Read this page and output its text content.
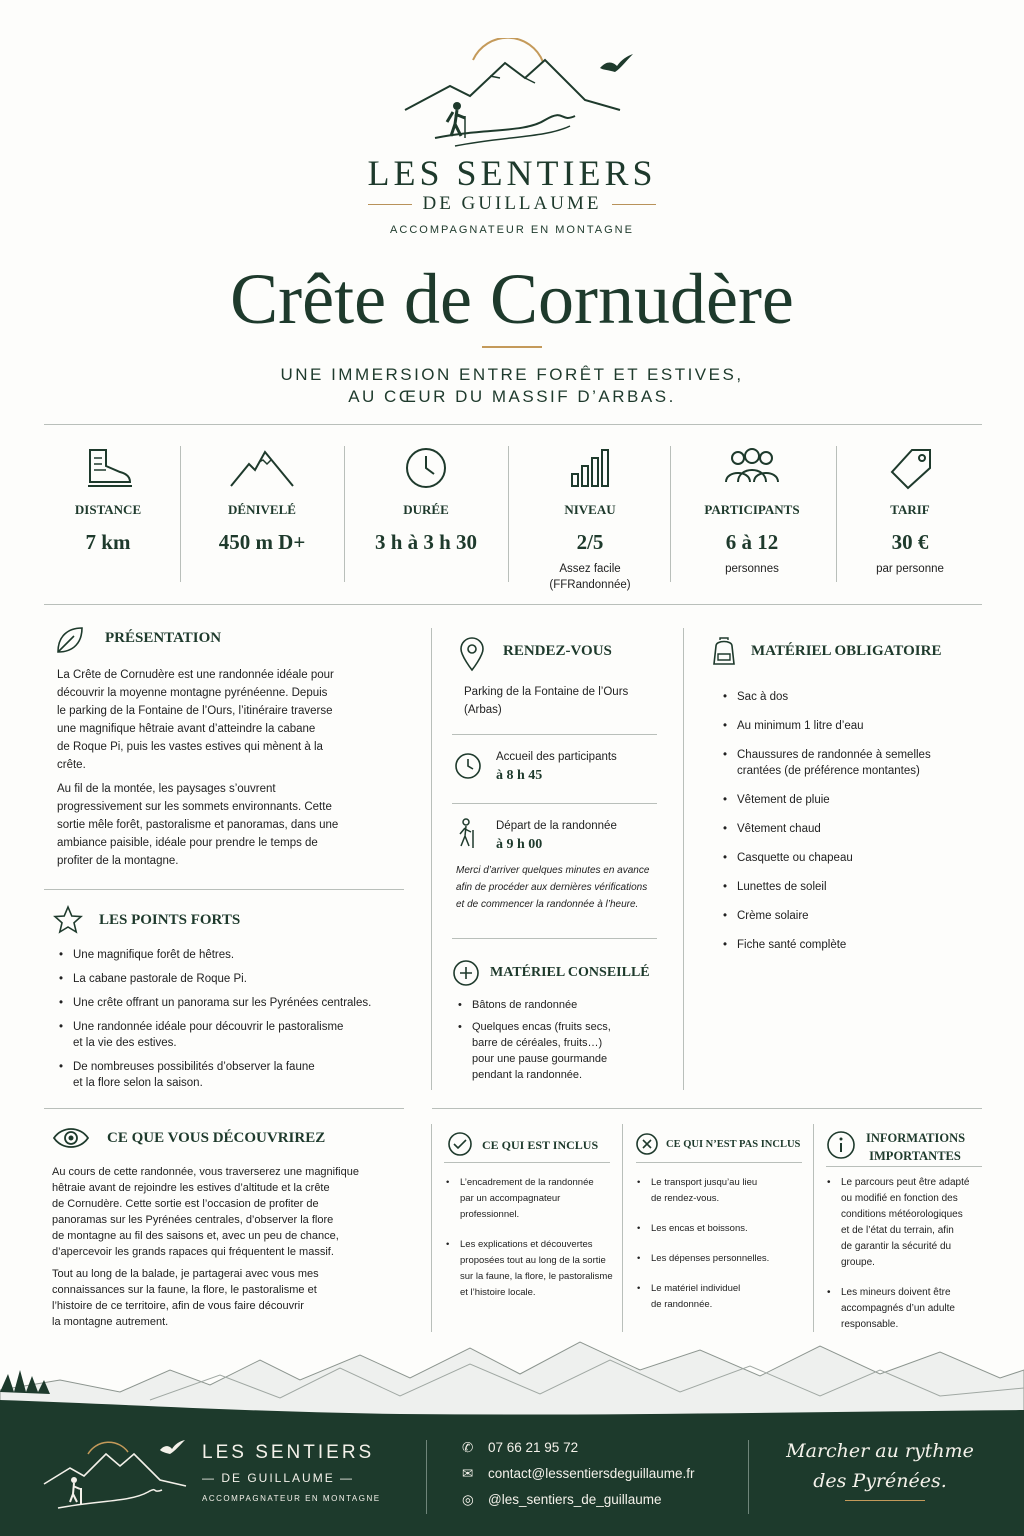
LES SENTIERS
DE GUILLAUME
ACCOMPAGNATEUR EN MONTAGNE
Crête de Cornudère
UNE IMMERSION ENTRE FORÊT ET ESTIVES,
AU CŒUR DU MASSIF D’ARBAS.
DISTANCE
7 km
DÉNIVELÉ
450 m D+
DURÉE
3 h à 3 h 30
NIVEAU
2/5
Assez facile
(FFRandonnée)
PARTICIPANTS
6 à 12
personnes
TARIF
30 €
par personne
PRÉSENTATION
La Crête de Cornudère est une randonnée idéale pour
découvrir la moyenne montagne pyrénéenne. Depuis
le parking de la Fontaine de l’Ours, l’itinéraire traverse
une magnifique hêtraie avant d’atteindre la cabane
de Roque Pi, puis les vastes estives qui mènent à la
crête.
Au fil de la montée, les paysages s’ouvrent
progressivement sur les sommets environnants. Cette
sortie mêle forêt, pastoralisme et panoramas, dans une
ambiance paisible, idéale pour prendre le temps de
profiter de la montagne.
LES POINTS FORTS
• Une magnifique forêt de hêtres.
• La cabane pastorale de Roque Pi.
• Une crête offrant un panorama sur les Pyrénées centrales.
• Une randonnée idéale pour découvrir le pastoralisme
et la vie des estives.
• De nombreuses possibilités d’observer la faune
et la flore selon la saison.
RENDEZ-VOUS
Parking de la Fontaine de l’Ours
(Arbas)
Accueil des participants
à 8 h 45
Départ de la randonnée
à 9 h 00
Merci d’arriver quelques minutes en avance
afin de procéder aux dernières vérifications
et de commencer la randonnée à l’heure.
MATÉRIEL CONSEILLÉ
• Bâtons de randonnée
• Quelques encas (fruits secs,
barre de céréales, fruits…)
pour une pause gourmande
pendant la randonnée.
MATÉRIEL OBLIGATOIRE
• Sac à dos
• Au minimum 1 litre d’eau
• Chaussures de randonnée à semelles
crantées (de préférence montantes)
• Vêtement de pluie
• Vêtement chaud
• Casquette ou chapeau
• Lunettes de soleil
• Crème solaire
• Fiche santé complète
CE QUE VOUS DÉCOUVRIREZ
Au cours de cette randonnée, vous traverserez une magnifique
hêtraie avant de rejoindre les estives d’altitude et la crête
de Cornudère. Cette sortie est l’occasion de profiter de
panoramas sur les Pyrénées centrales, d’observer la flore
de montagne au fil des saisons et, avec un peu de chance,
d’apercevoir les grands rapaces qui fréquentent le massif.
Tout au long de la balade, je partagerai avec vous mes
connaissances sur la faune, la flore, le pastoralisme et
l’histoire de ce territoire, afin de vous faire découvrir
la montagne autrement.
CE QUI EST INCLUS
• L’encadrement de la randonnée
par un accompagnateur
professionnel.
• Les explications et découvertes
proposées tout au long de la sortie
sur la faune, la flore, le pastoralisme
et l’histoire locale.
CE QUI N’EST PAS INCLUS
• Le transport jusqu’au lieu
de rendez-vous.
• Les encas et boissons.
• Les dépenses personnelles.
• Le matériel individuel
de randonnée.
INFORMATIONS
IMPORTANTES
• Le parcours peut être adapté
ou modifié en fonction des
conditions météorologiques
et de l’état du terrain, afin
de garantir la sécurité du
groupe.
• Les mineurs doivent être
accompagnés d’un adulte
responsable.
LES SENTIERS
— DE GUILLAUME —
ACCOMPAGNATEUR EN MONTAGNE
✆ 07 66 21 95 72
✉ contact@lessentiersdeguillaume.fr
◎ @les_sentiers_de_guillaume
Marcher au rythme
des Pyrénées.
